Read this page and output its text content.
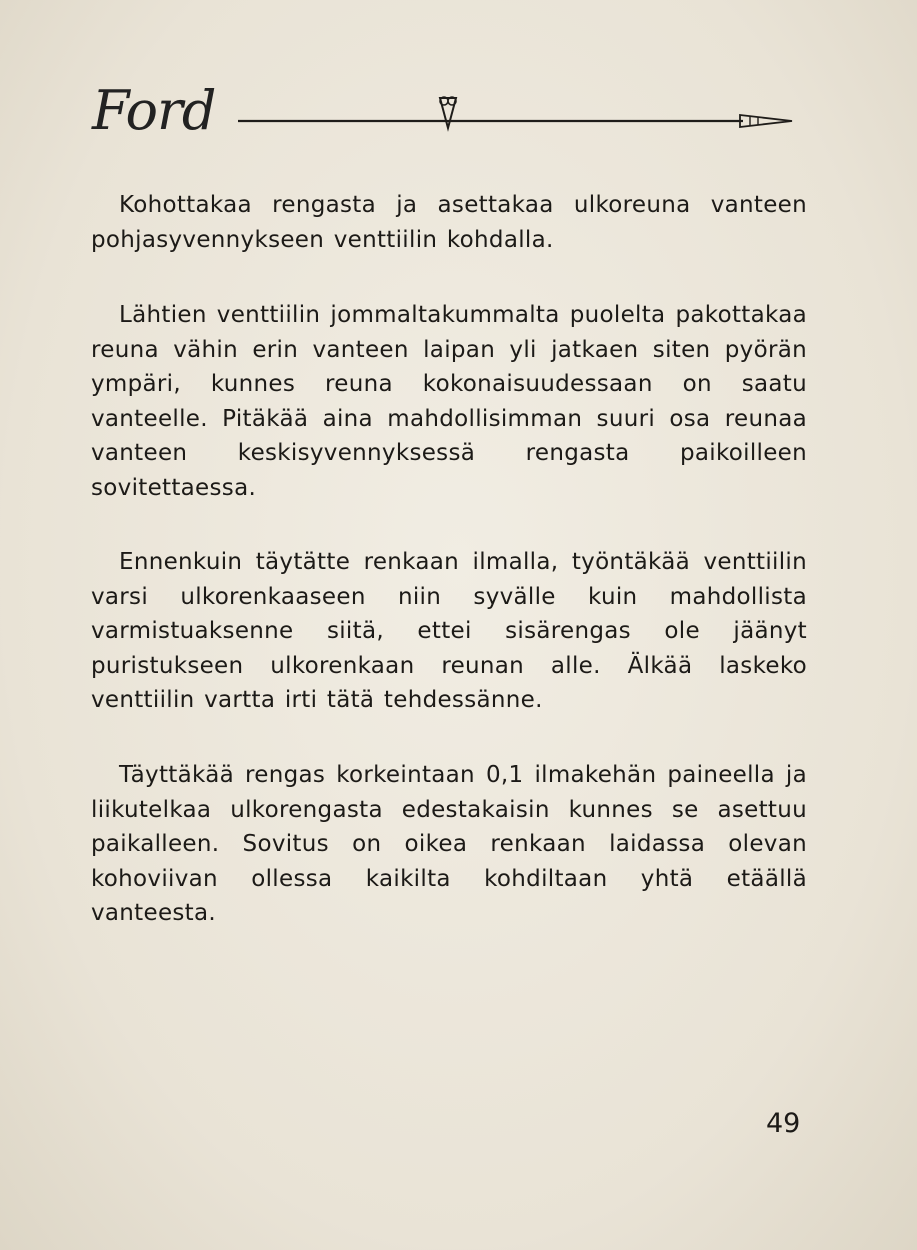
Ford

Kohottakaa rengasta ja asettakaa ulkoreuna vanteen pohjasyvennykseen venttiilin kohdalla.

Lähtien venttiilin jommaltakummalta puolelta pakottakaa reuna vähin erin vanteen laipan yli jatkaen siten pyörän ympäri, kunnes reuna kokonaisuudessaan on saatu vanteelle. Pitäkää aina mahdollisimman suuri osa reunaa vanteen keskisyvennyksessä rengasta paikoilleen sovitettaessa.

Ennenkuin täytätte renkaan ilmalla, työntäkää venttiilin varsi ulkorenkaaseen niin syvälle kuin mahdollista varmistuaksenne siitä, ettei sisärengas ole jäänyt puristukseen ulkorenkaan reunan alle. Älkää laskeko venttiilin vartta irti tätä tehdessänne.

Täyttäkää rengas korkeintaan 0,1 ilmakehän paineella ja liikutelkaa ulkorengasta edestakaisin kunnes se asettuu paikalleen. Sovitus on oikea renkaan laidassa olevan kohoviivan ollessa kaikilta kohdiltaan yhtä etäällä vanteesta.

49
